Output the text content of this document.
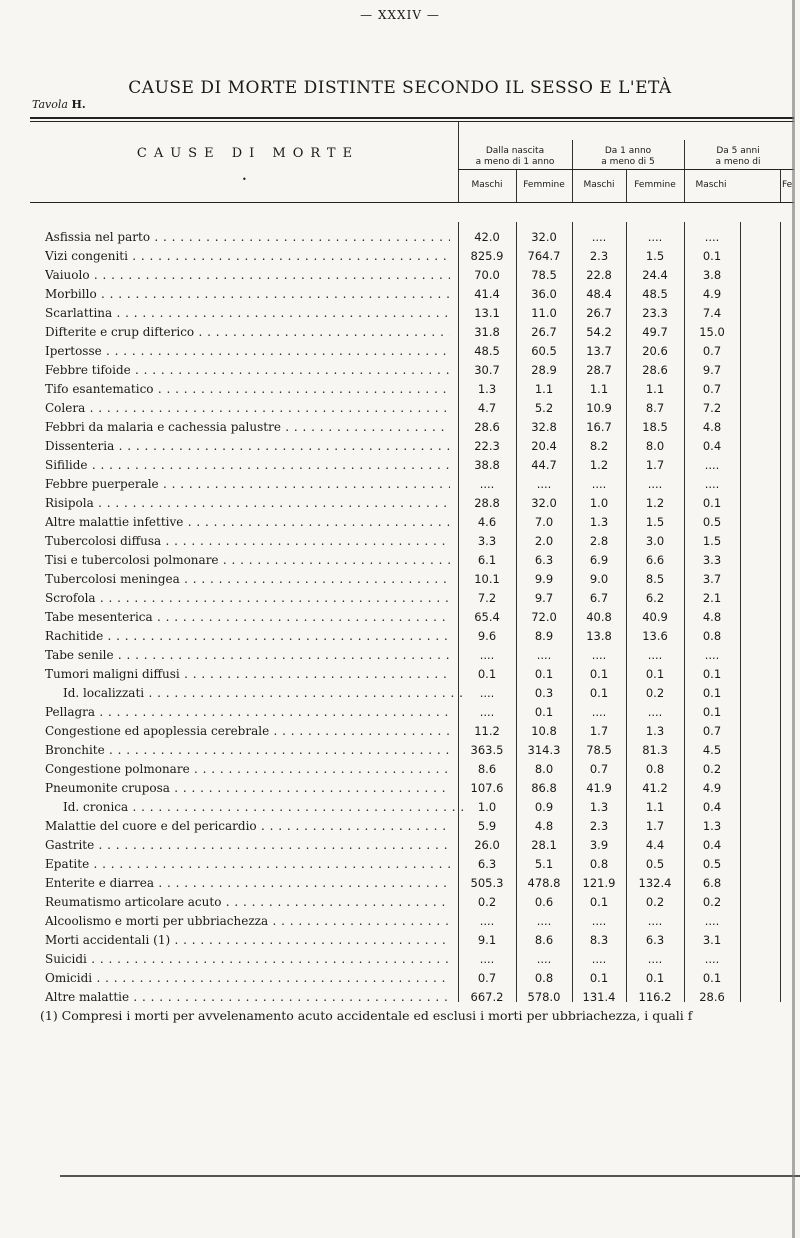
— XXXIV —
CAUSE DI MORTE DISTINTE SECONDO IL SESSO E L'ETÀ
Tavola H.
CAUSE DI MORTE
•
Dalla nascita
a meno di 1 anno
Da 1 anno
a meno di 5
Da 5 anni
a meno di
Maschi	Femmine	Maschi	Femmine	Maschi	Fe
Asfissia nel parto . . .	42.0	32.0	....	....	....
Vizi congeniti . . .	825.9	764.7	2.3	1.5	0.1
Vaiuolo . . .	70.0	78.5	22.8	24.4	3.8
Morbillo . . .	41.4	36.0	48.4	48.5	4.9
Scarlattina . . .	13.1	11.0	26.7	23.3	7.4
Difterite e crup difterico . . .	31.8	26.7	54.2	49.7	15.0
Ipertosse . . .	48.5	60.5	13.7	20.6	0.7
Febbre tifoide . . .	30.7	28.9	28.7	28.6	9.7
Tifo esantematico . . .	1.3	1.1	1.1	1.1	0.7
Colera . . .	4.7	5.2	10.9	8.7	7.2
Febbri da malaria e cachessia palustre . . .	28.6	32.8	16.7	18.5	4.8
Dissenteria . . .	22.3	20.4	8.2	8.0	0.4
Sifilide . . .	38.8	44.7	1.2	1.7	....
Febbre puerperale . . .	....	....	....	....	....
Risipola . . .	28.8	32.0	1.0	1.2	0.1
Altre malattie infettive . . .	4.6	7.0	1.3	1.5	0.5
Tubercolosi diffusa . . .	3.3	2.0	2.8	3.0	1.5
Tisi e tubercolosi polmonare . . .	6.1	6.3	6.9	6.6	3.3
Tubercolosi meningea . . .	10.1	9.9	9.0	8.5	3.7
Scrofola . . .	7.2	9.7	6.7	6.2	2.1
Tabe mesenterica . . .	65.4	72.0	40.8	40.9	4.8
Rachitide . . .	9.6	8.9	13.8	13.6	0.8
Tabe senile . . .	....	....	....	....	....
Tumori maligni diffusi . . .	0.1	0.1	0.1	0.1	0.1
Id. localizzati . . .	....	0.3	0.1	0.2	0.1
Pellagra . . .	....	0.1	....	....	0.1
Congestione ed apoplessia cerebrale . . .	11.2	10.8	1.7	1.3	0.7
Bronchite . . .	363.5	314.3	78.5	81.3	4.5
Congestione polmonare . . .	8.6	8.0	0.7	0.8	0.2
Pneumonite cruposa . . .	107.6	86.8	41.9	41.2	4.9
Id. cronica . . .	1.0	0.9	1.3	1.1	0.4
Malattie del cuore e del pericardio . . .	5.9	4.8	2.3	1.7	1.3
Gastrite . . .	26.0	28.1	3.9	4.4	0.4
Epatite . . .	6.3	5.1	0.8	0.5	0.5
Enterite e diarrea . . .	505.3	478.8	121.9	132.4	6.8
Reumatismo articolare acuto . . .	0.2	0.6	0.1	0.2	0.2
Alcoolismo e morti per ubbriachezza . . .	....	....	....	....	....
Morti accidentali (1) . . .	9.1	8.6	8.3	6.3	3.1
Suicidi . . .	....	....	....	....	....
Omicidi . . .	0.7	0.8	0.1	0.1	0.1
Altre malattie . . .	667.2	578.0	131.4	116.2	28.6
(1) Compresi i morti per avvelenamento acuto accidentale ed esclusi i morti per ubbriachezza, i quali f
